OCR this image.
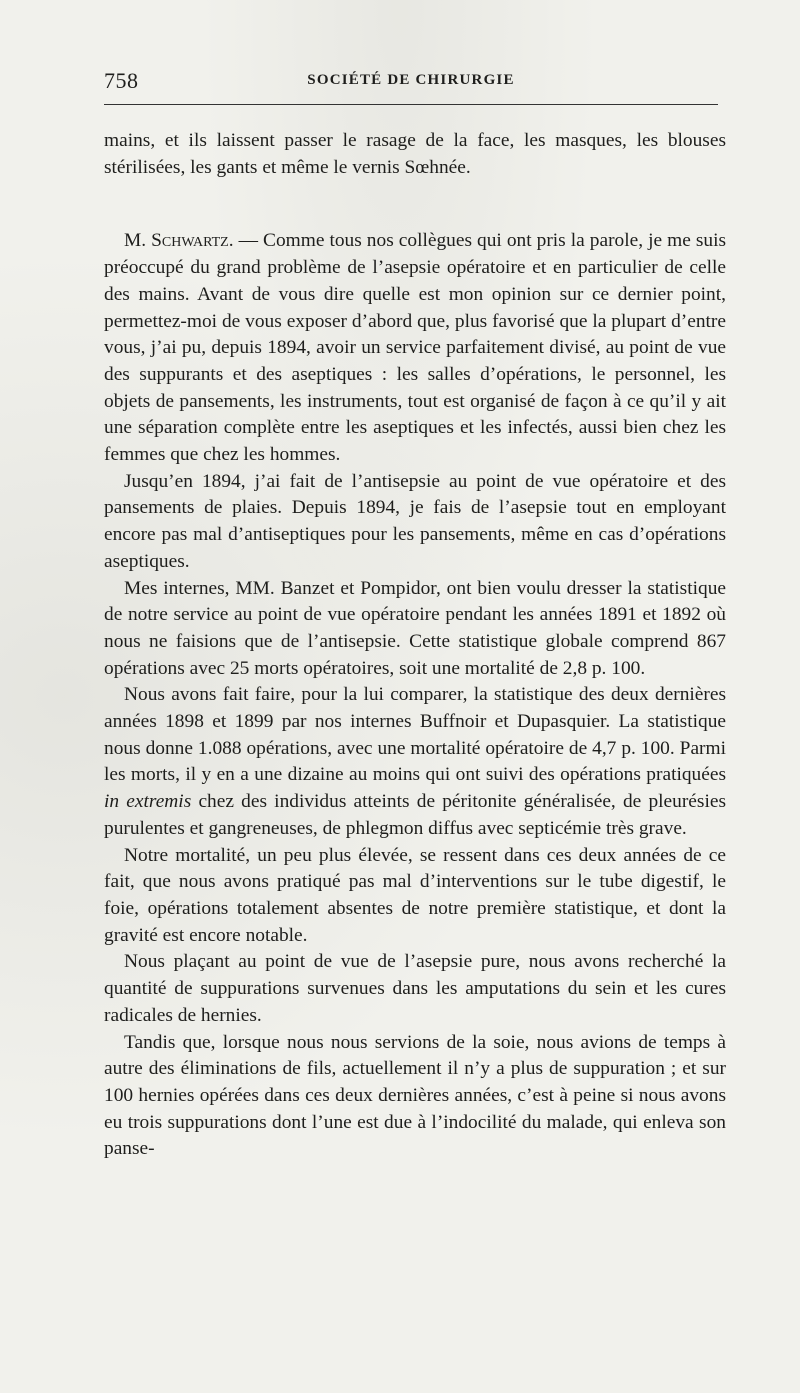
758	SOCIÉTÉ DE CHIRURGIE

mains, et ils laissent passer le rasage de la face, les masques, les blouses stérilisées, les gants et même le vernis Sœhnée.

M. Schwartz. — Comme tous nos collègues qui ont pris la parole, je me suis préoccupé du grand problème de l’asepsie opératoire et en particulier de celle des mains. Avant de vous dire quelle est mon opinion sur ce dernier point, permettez-moi de vous exposer d’abord que, plus favorisé que la plupart d’entre vous, j’ai pu, depuis 1894, avoir un service parfaitement divisé, au point de vue des suppurants et des aseptiques : les salles d’opérations, le personnel, les objets de pansements, les instruments, tout est organisé de façon à ce qu’il y ait une séparation complète entre les aseptiques et les infectés, aussi bien chez les femmes que chez les hommes.

Jusqu’en 1894, j’ai fait de l’antisepsie au point de vue opératoire et des pansements de plaies. Depuis 1894, je fais de l’asepsie tout en employant encore pas mal d’antiseptiques pour les pansements, même en cas d’opérations aseptiques.

Mes internes, MM. Banzet et Pompidor, ont bien voulu dresser la statistique de notre service au point de vue opératoire pendant les années 1891 et 1892 où nous ne faisions que de l’antisepsie. Cette statistique globale comprend 867 opérations avec 25 morts opératoires, soit une mortalité de 2,8 p. 100.

Nous avons fait faire, pour la lui comparer, la statistique des deux dernières années 1898 et 1899 par nos internes Buffnoir et Dupasquier. La statistique nous donne 1.088 opérations, avec une mortalité opératoire de 4,7 p. 100. Parmi les morts, il y en a une dizaine au moins qui ont suivi des opérations pratiquées in extremis chez des individus atteints de péritonite généralisée, de pleurésies purulentes et gangreneuses, de phlegmon diffus avec septicémie très grave.

Notre mortalité, un peu plus élevée, se ressent dans ces deux années de ce fait, que nous avons pratiqué pas mal d’interventions sur le tube digestif, le foie, opérations totalement absentes de notre première statistique, et dont la gravité est encore notable.

Nous plaçant au point de vue de l’asepsie pure, nous avons recherché la quantité de suppurations survenues dans les amputations du sein et les cures radicales de hernies.

Tandis que, lorsque nous nous servions de la soie, nous avions de temps à autre des éliminations de fils, actuellement il n’y a plus de suppuration ; et sur 100 hernies opérées dans ces deux dernières années, c’est à peine si nous avons eu trois suppurations dont l’une est due à l’indocilité du malade, qui enleva son panse-
